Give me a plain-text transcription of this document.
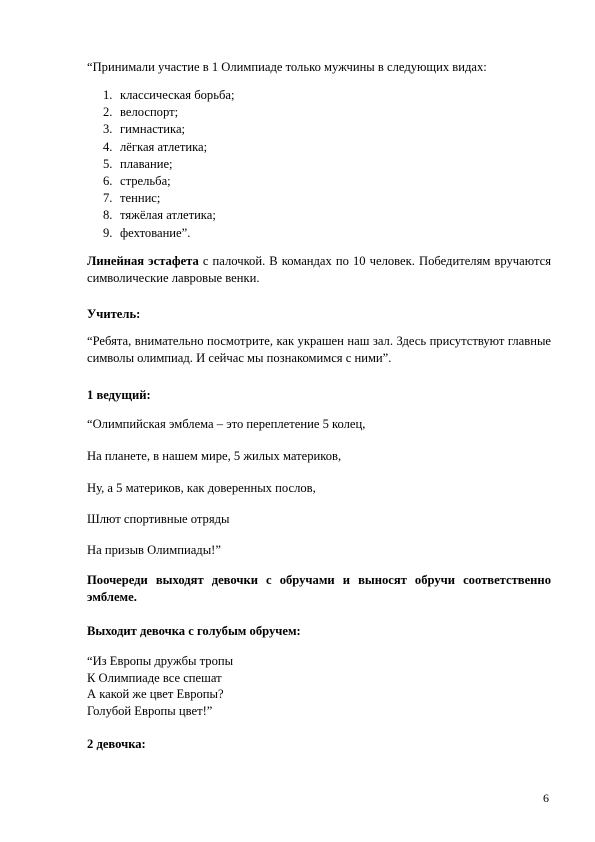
“Принимали участие в 1 Олимпиаде только мужчины в следующих видах:
1. классическая борьба;
2. велоспорт;
3. гимнастика;
4. лёгкая атлетика;
5. плавание;
6. стрельба;
7. теннис;
8. тяжёлая атлетика;
9. фехтование”.
Линейная эстафета с палочкой. В командах по 10 человек. Победителям вручаются символические лавровые венки.
Учитель:
“Ребята, внимательно посмотрите, как украшен наш зал. Здесь присутствуют главные символы олимпиад. И сейчас мы познакомимся с ними”.
1 ведущий:
“Олимпийская эмблема – это переплетение 5 колец,
На планете, в нашем мире, 5 жилых материков,
Ну, а 5 материков, как доверенных послов,
Шлют спортивные отряды
На призыв Олимпиады!”
Поочереди выходят девочки с обручами и выносят обручи соответственно эмблеме.
Выходит девочка с голубым обручем:
“Из Европы дружбы тропы
К Олимпиаде все спешат
А какой же цвет Европы?
Голубой Европы цвет!”
2 девочка:
6
